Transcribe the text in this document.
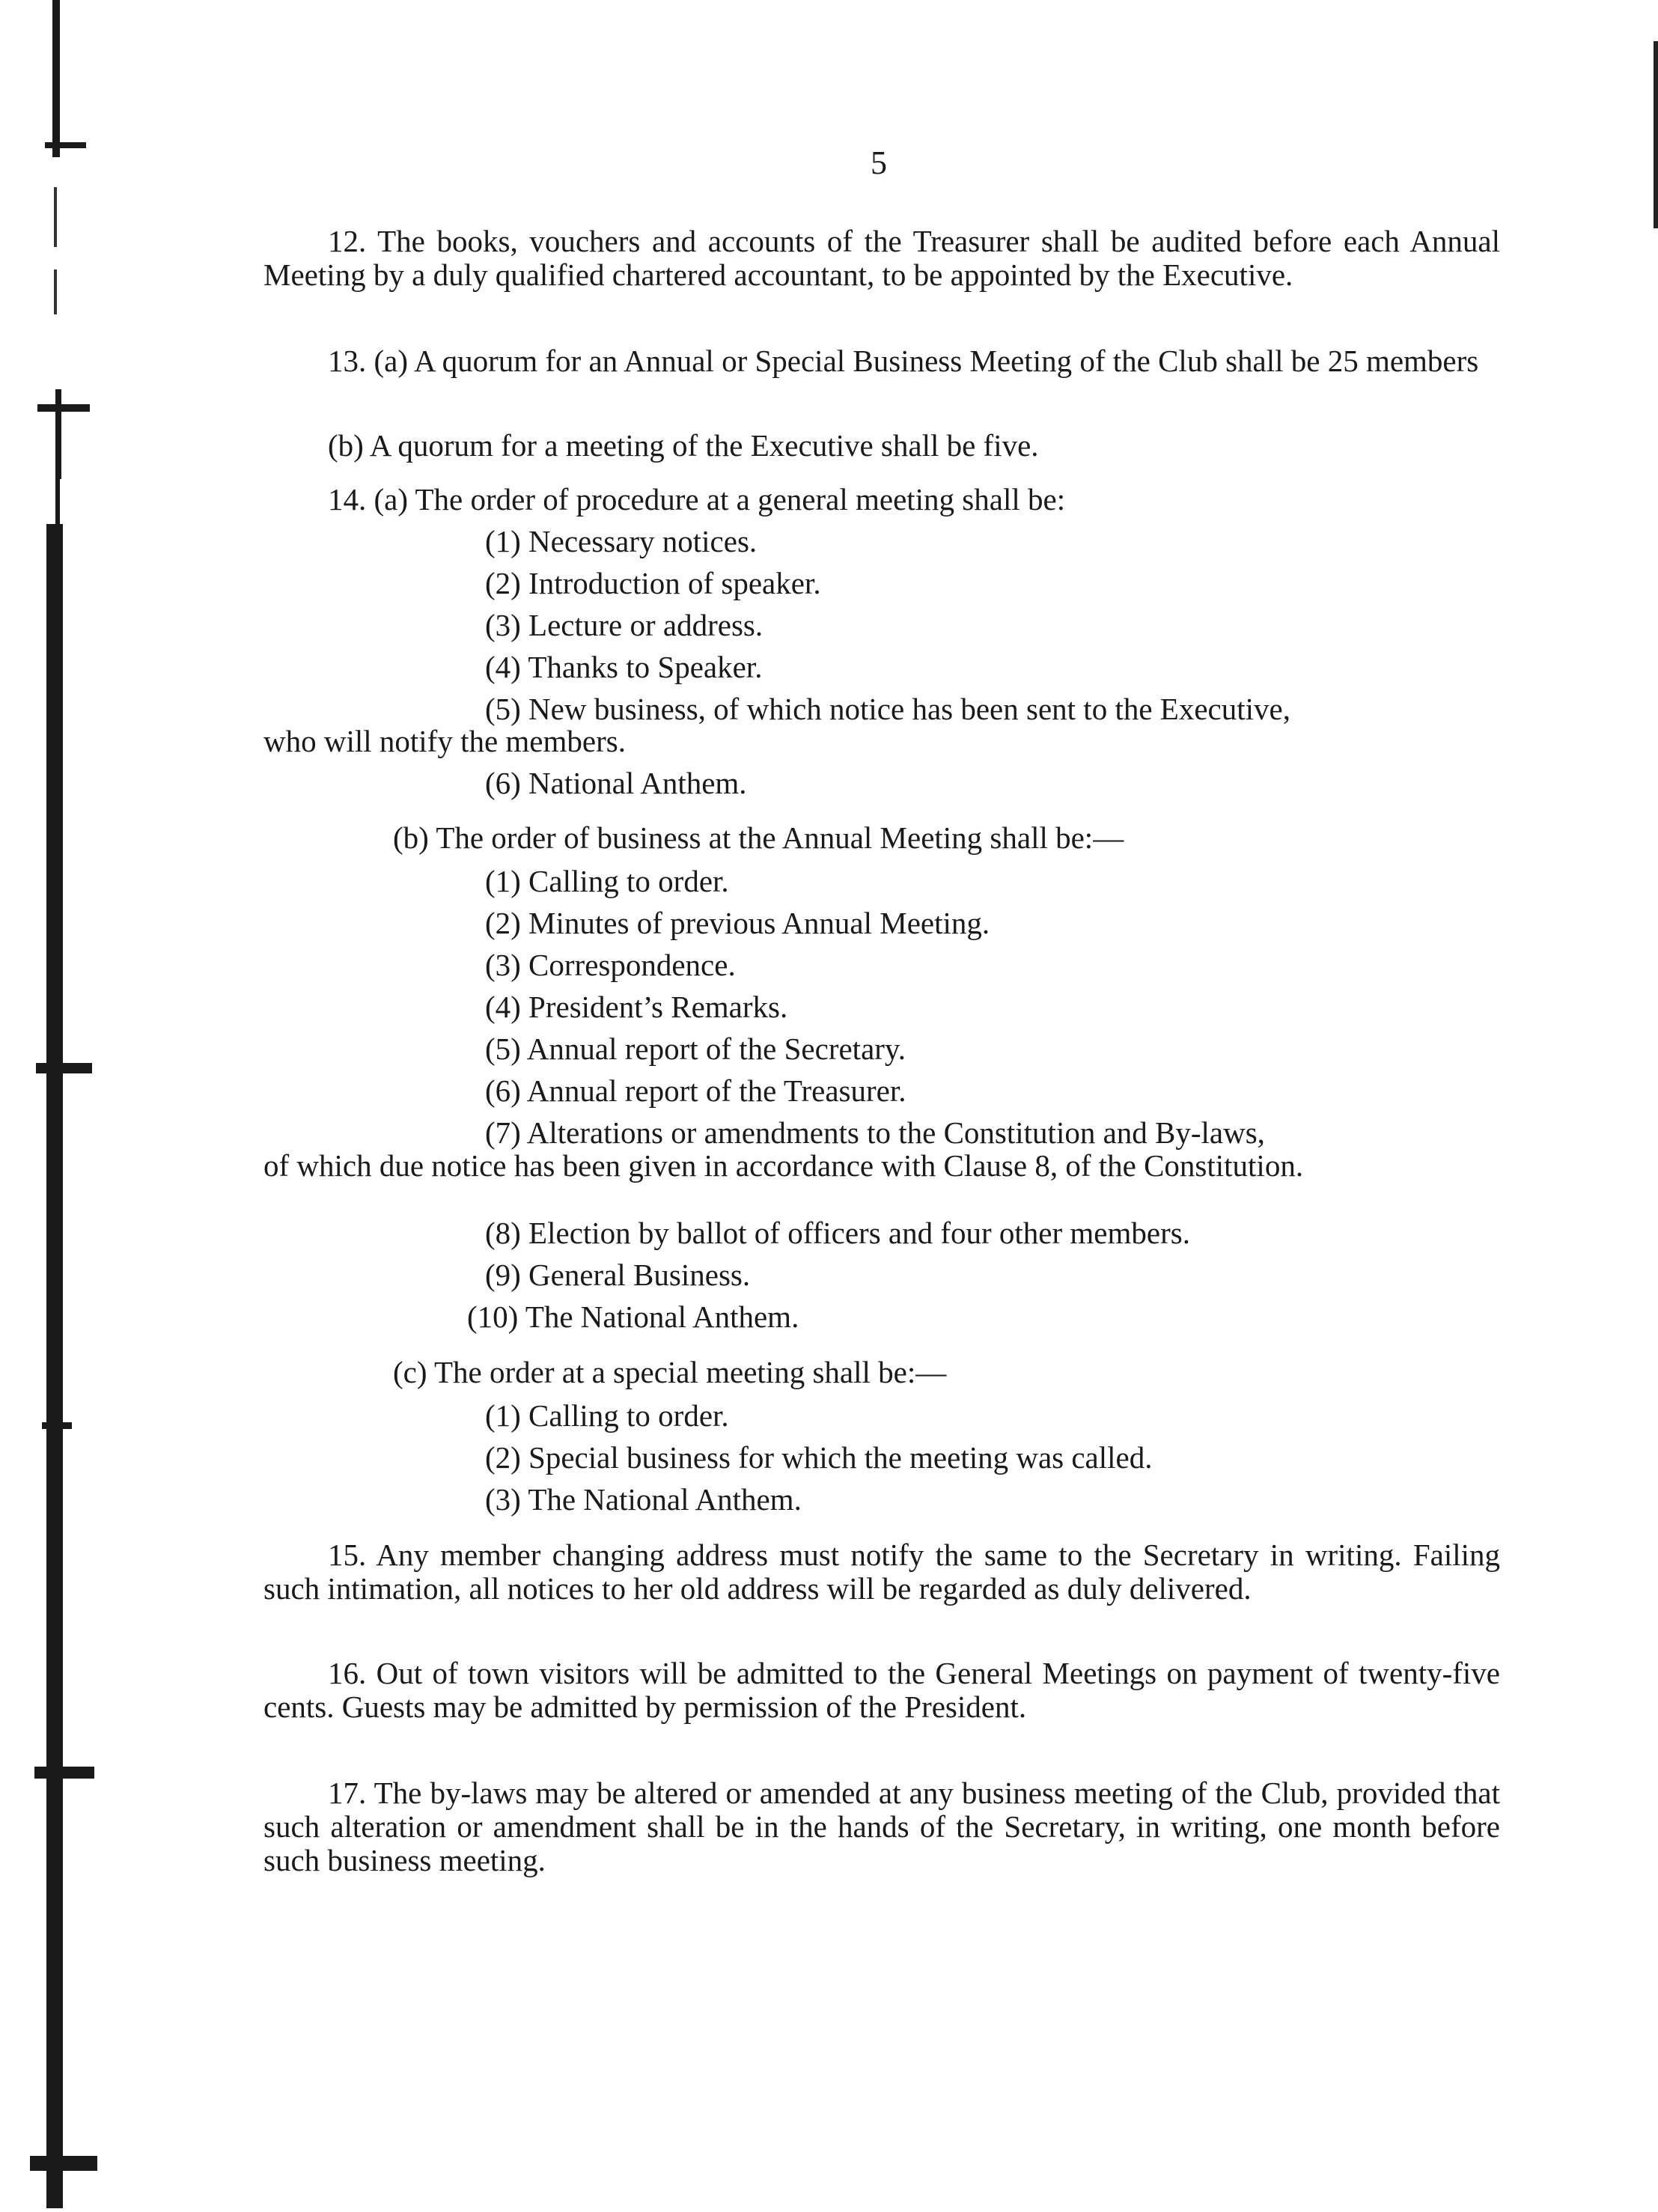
5

12. The books, vouchers and accounts of the Treasurer shall be audited before each Annual Meeting by a duly qualified chartered accountant, to be appointed by the Executive.

13. (a) A quorum for an Annual or Special Business Meeting of the Club shall be 25 members

(b) A quorum for a meeting of the Executive shall be five.
14. (a) The order of procedure at a general meeting shall be:
(1) Necessary notices.
(2) Introduction of speaker.
(3) Lecture or address.
(4) Thanks to Speaker.
(5) New business, of which notice has been sent to the Executive,
who will notify the members.
(6) National Anthem.
(b) The order of business at the Annual Meeting shall be:—
(1) Calling to order.
(2) Minutes of previous Annual Meeting.
(3) Correspondence.
(4) President’s Remarks.
(5) Annual report of the Secretary.
(6) Annual report of the Treasurer.
(7) Alterations or amendments to the Constitution and By-laws,
of which due notice has been given in accordance with Clause 8, of the Constitution.
(8) Election by ballot of officers and four other members.
(9) General Business.
(10) The National Anthem.
(c) The order at a special meeting shall be:—
(1) Calling to order.
(2) Special business for which the meeting was called.
(3) The National Anthem.

15. Any member changing address must notify the same to the Secretary in writing. Failing such intimation, all notices to her old address will be regarded as duly delivered.

16. Out of town visitors will be admitted to the General Meetings on payment of twenty-five cents. Guests may be admitted by permission of the President.

17. The by-laws may be altered or amended at any business meeting of the Club, provided that such alteration or amendment shall be in the hands of the Secretary, in writing, one month before such business meeting.
